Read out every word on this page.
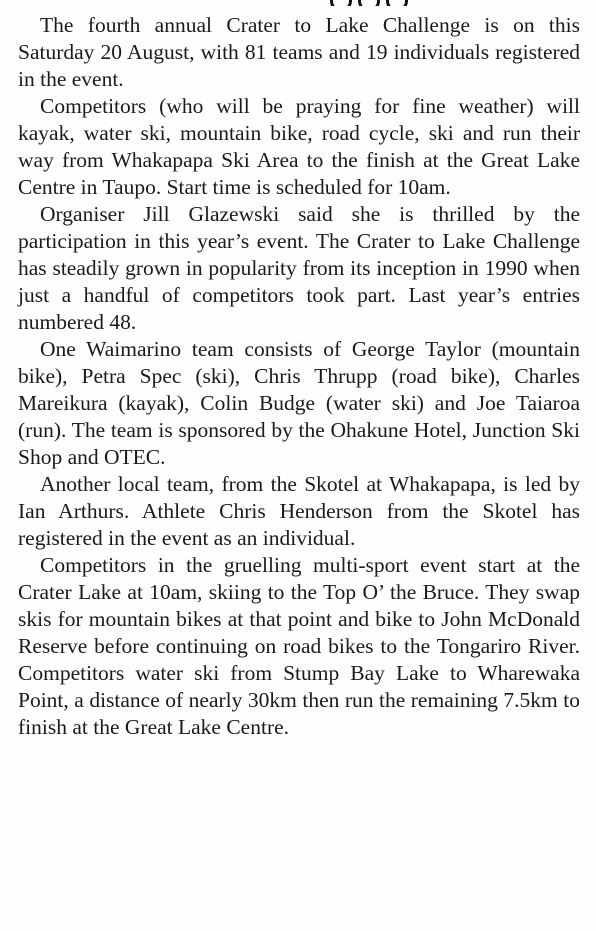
The fourth annual Crater to Lake Challenge is on this Saturday 20 August, with 81 teams and 19 individuals registered in the event.

Competitors (who will be praying for fine weather) will kayak, water ski, mountain bike, road cycle, ski and run their way from Whakapapa Ski Area to the finish at the Great Lake Centre in Taupo. Start time is scheduled for 10am.

Organiser Jill Glazewski said she is thrilled by the participation in this year’s event. The Crater to Lake Challenge has steadily grown in popularity from its inception in 1990 when just a handful of competitors took part. Last year’s entries numbered 48.

One Waimarino team consists of George Taylor (mountain bike), Petra Spec (ski), Chris Thrupp (road bike), Charles Mareikura (kayak), Colin Budge (water ski) and Joe Taiaroa (run). The team is sponsored by the Ohakune Hotel, Junction Ski Shop and OTEC.

Another local team, from the Skotel at Whakapapa, is led by Ian Arthurs. Athlete Chris Henderson from the Skotel has registered in the event as an individual.

Competitors in the gruelling multi-sport event start at the Crater Lake at 10am, skiing to the Top O’ the Bruce. They swap skis for mountain bikes at that point and bike to John McDonald Reserve before continuing on road bikes to the Tongariro River. Competitors water ski from Stump Bay Lake to Wharewaka Point, a distance of nearly 30km then run the remaining 7.5km to finish at the Great Lake Centre.
